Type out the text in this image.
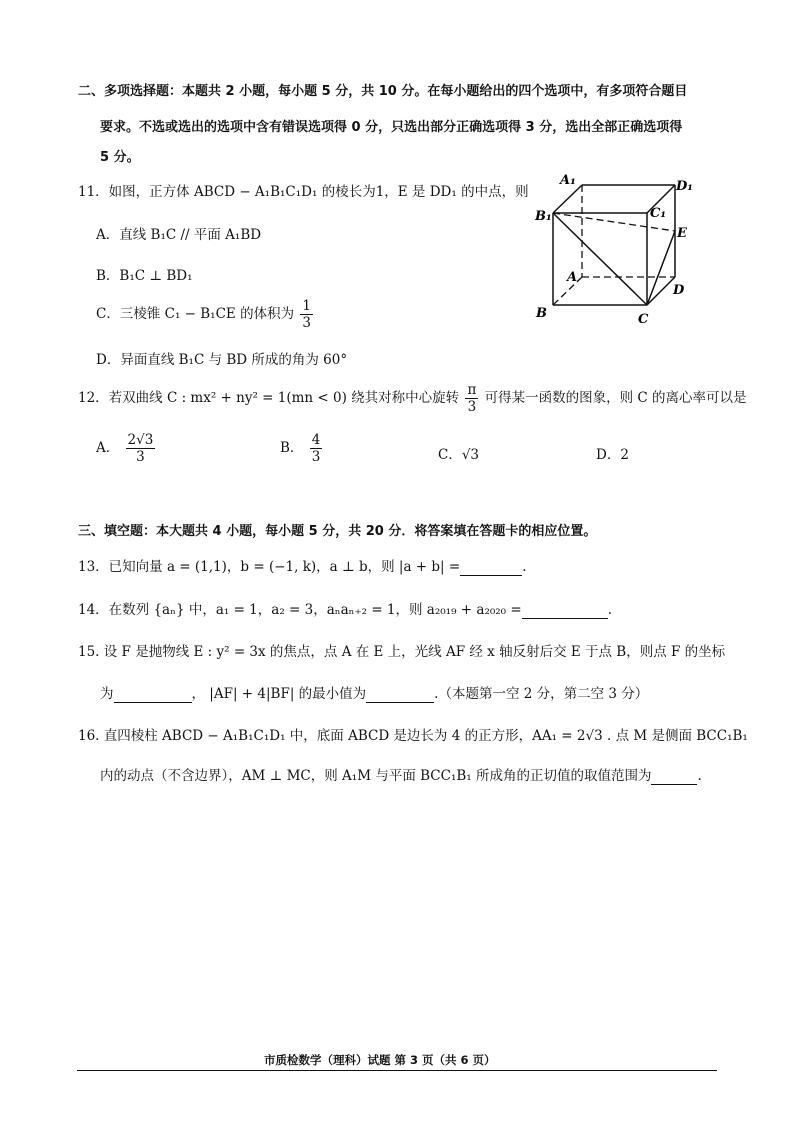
二、多项选择题：本题共 2 小题，每小题 5 分，共 10 分。在每小题给出的四个选项中，有多项符合题目
要求。不选或选出的选项中含有错误选项得 0 分，只选出部分正确选项得 3 分，选出全部正确选项得
5 分。
11．如图，正方体 ABCD − A₁B₁C₁D₁ 的棱长为1，E 是 DD₁ 的中点，则
A．直线 B₁C // 平面 A₁BD
B．B₁C ⊥ BD₁
C．三棱锥 C₁ − B₁CE 的体积为 $\frac{1}{3}$
D．异面直线 B₁C 与 BD 所成的角为 60°
A₁	D₁
B₁	C₁
E
A
D
B	C
12．若双曲线 C : mx² + ny² = 1(mn < 0) 绕其对称中心旋转 $\frac{\pi}{3}$ 可得某一函数的图象，则 C 的离心率可以是
A． $\frac{2√3}{3}$	B． $\frac{4}{3}$	C．√3	D．2
三、填空题：本大题共 4 小题，每小题 5 分，共 20 分．将答案填在答题卡的相应位置。
13．已知向量 a = (1,1)，b = (−1, k)，a ⊥ b，则 |a + b| =	.
14．在数列 {aₙ} 中，a₁ = 1，a₂ = 3，aₙaₙ₊₂ = 1，则 a₂₀₁₉ + a₂₀₂₀ =	.
15. 设 F 是抛物线 E : y² = 3x 的焦点，点 A 在 E 上，光线 AF 经 x 轴反射后交 E 于点 B，则点 F 的坐标
为	， |AF| + 4|BF| 的最小值为	.（本题第一空 2 分，第二空 3 分）
16. 直四棱柱 ABCD − A₁B₁C₁D₁ 中，底面 ABCD 是边长为 4 的正方形，AA₁ = 2√3 . 点 M 是侧面 BCC₁B₁
内的动点（不含边界），AM ⊥ MC，则 A₁M 与平面 BCC₁B₁ 所成角的正切值的取值范围为	.
市质检数学（理科）试题 第 3 页（共 6 页）
